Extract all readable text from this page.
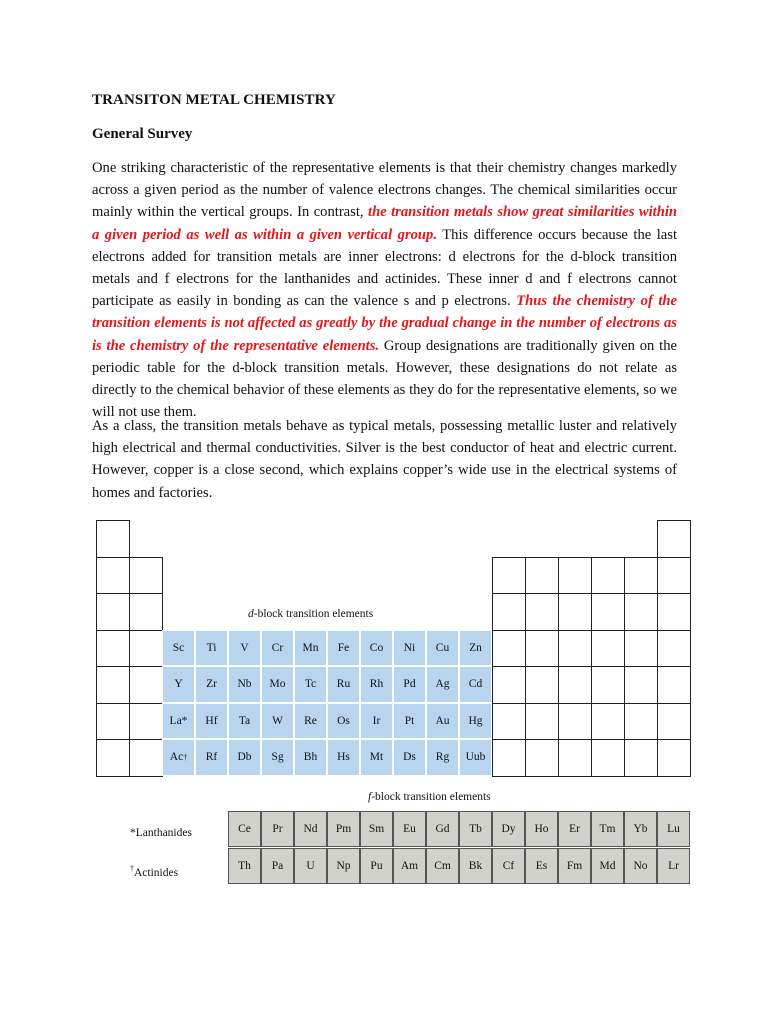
TRANSITON METAL CHEMISTRY
General Survey

One striking characteristic of the representative elements is that their chemistry changes markedly across a given period as the number of valence electrons changes. The chemical similarities occur mainly within the vertical groups. In contrast, the transition metals show great similarities within a given period as well as within a given vertical group. This difference occurs because the last electrons added for transition metals are inner electrons: d electrons for the d-block transition metals and f electrons for the lanthanides and actinides. These inner d and f electrons cannot participate as easily in bonding as can the valence s and p electrons. Thus the chemistry of the transition elements is not affected as greatly by the gradual change in the number of electrons as is the chemistry of the representative elements. Group designations are traditionally given on the periodic table for the d-block transition metals. However, these designations do not relate as directly to the chemical behavior of these elements as they do for the representative elements, so we will not use them.

As a class, the transition metals behave as typical metals, possessing metallic luster and relatively high electrical and thermal conductivities. Silver is the best conductor of heat and electric current. However, copper is a close second, which explains copper’s wide use in the electrical systems of homes and factories.

d-block transition elements
Sc	Ti	V	Cr	Mn	Fe	Co	Ni	Cu	Zn
Y	Zr	Nb	Mo	Tc	Ru	Rh	Pd	Ag	Cd
La*	Hf	Ta	W	Re	Os	Ir	Pt	Au	Hg
Ac †	Rf	Db	Sg	Bh	Hs	Mt	Ds	Rg	Uub
f-block transition elements
*Lanthanides
†Actinides
Ce	Pr	Nd	Pm	Sm	Eu	Gd	Tb	Dy	Ho	Er	Tm	Yb	Lu
Th	Pa	U	Np	Pu	Am	Cm	Bk	Cf	Es	Fm	Md	No	Lr
